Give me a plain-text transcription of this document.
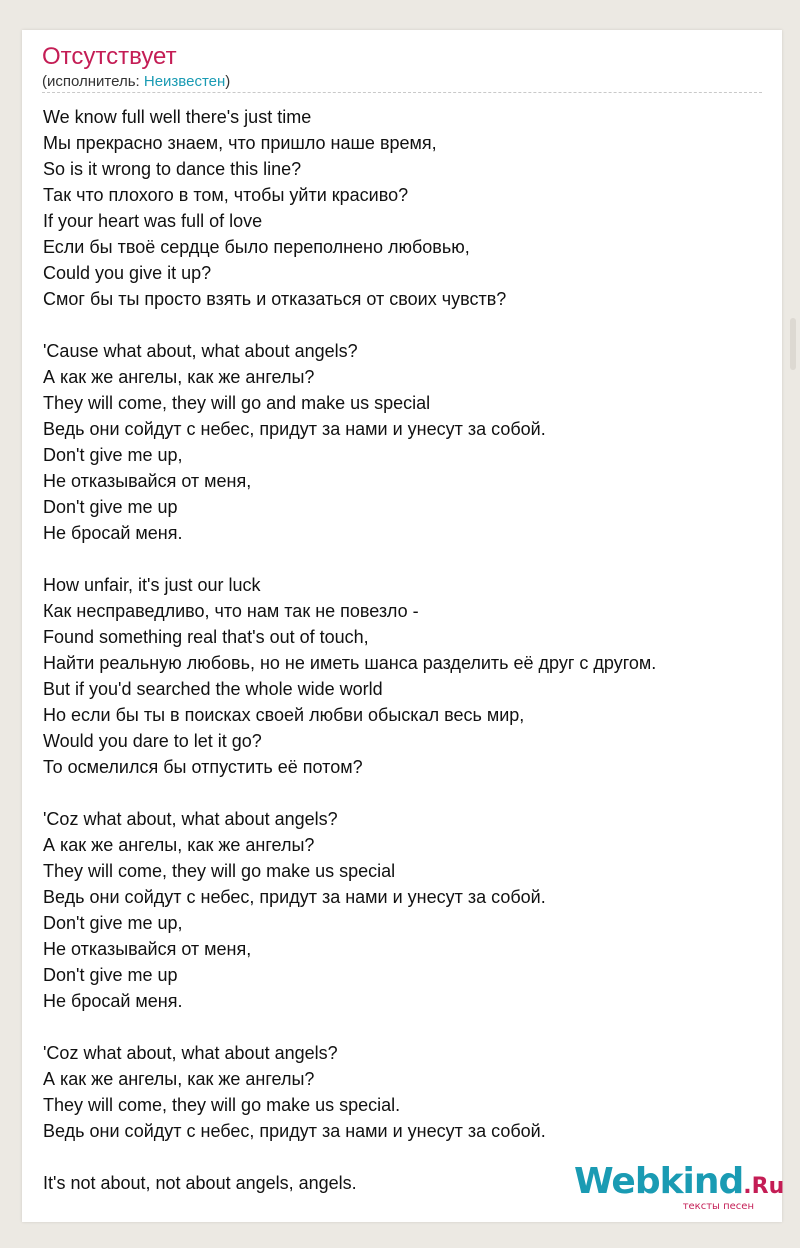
Отсутствует
(исполнитель: Неизвестен)
We know full well there's just time
Мы прекрасно знаем, что пришло наше время,
So is it wrong to dance this line?
Так что плохого в том, чтобы уйти красиво?
If your heart was full of love
Если бы твоё сердце было переполнено любовью,
Could you give it up?
Смог бы ты просто взять и отказаться от своих чувств?
'Cause what about, what about angels?
А как же ангелы, как же ангелы?
They will come, they will go and make us special
Ведь они сойдут с небес, придут за нами и унесут за собой.
Don't give me up,
Не отказывайся от меня,
Don't give me up
Не бросай меня.
How unfair, it's just our luck
Как несправедливо, что нам так не повезло -
Found something real that's out of touch,
Найти реальную любовь, но не иметь шанса разделить её друг с другом.
But if you'd searched the whole wide world
Но если бы ты в поисках своей любви обыскал весь мир,
Would you dare to let it go?
То осмелился бы отпустить её потом?
'Coz what about, what about angels?
А как же ангелы, как же ангелы?
They will come, they will go make us special
Ведь они сойдут с небес, придут за нами и унесут за собой.
Don't give me up,
Не отказывайся от меня,
Don't give me up
Не бросай меня.
'Coz what about, what about angels?
А как же ангелы, как же ангелы?
They will come, they will go make us special.
Ведь они сойдут с небес, придут за нами и унесут за собой.
It's not about, not about angels, angels.	Webkind.Ru
тексты песен
